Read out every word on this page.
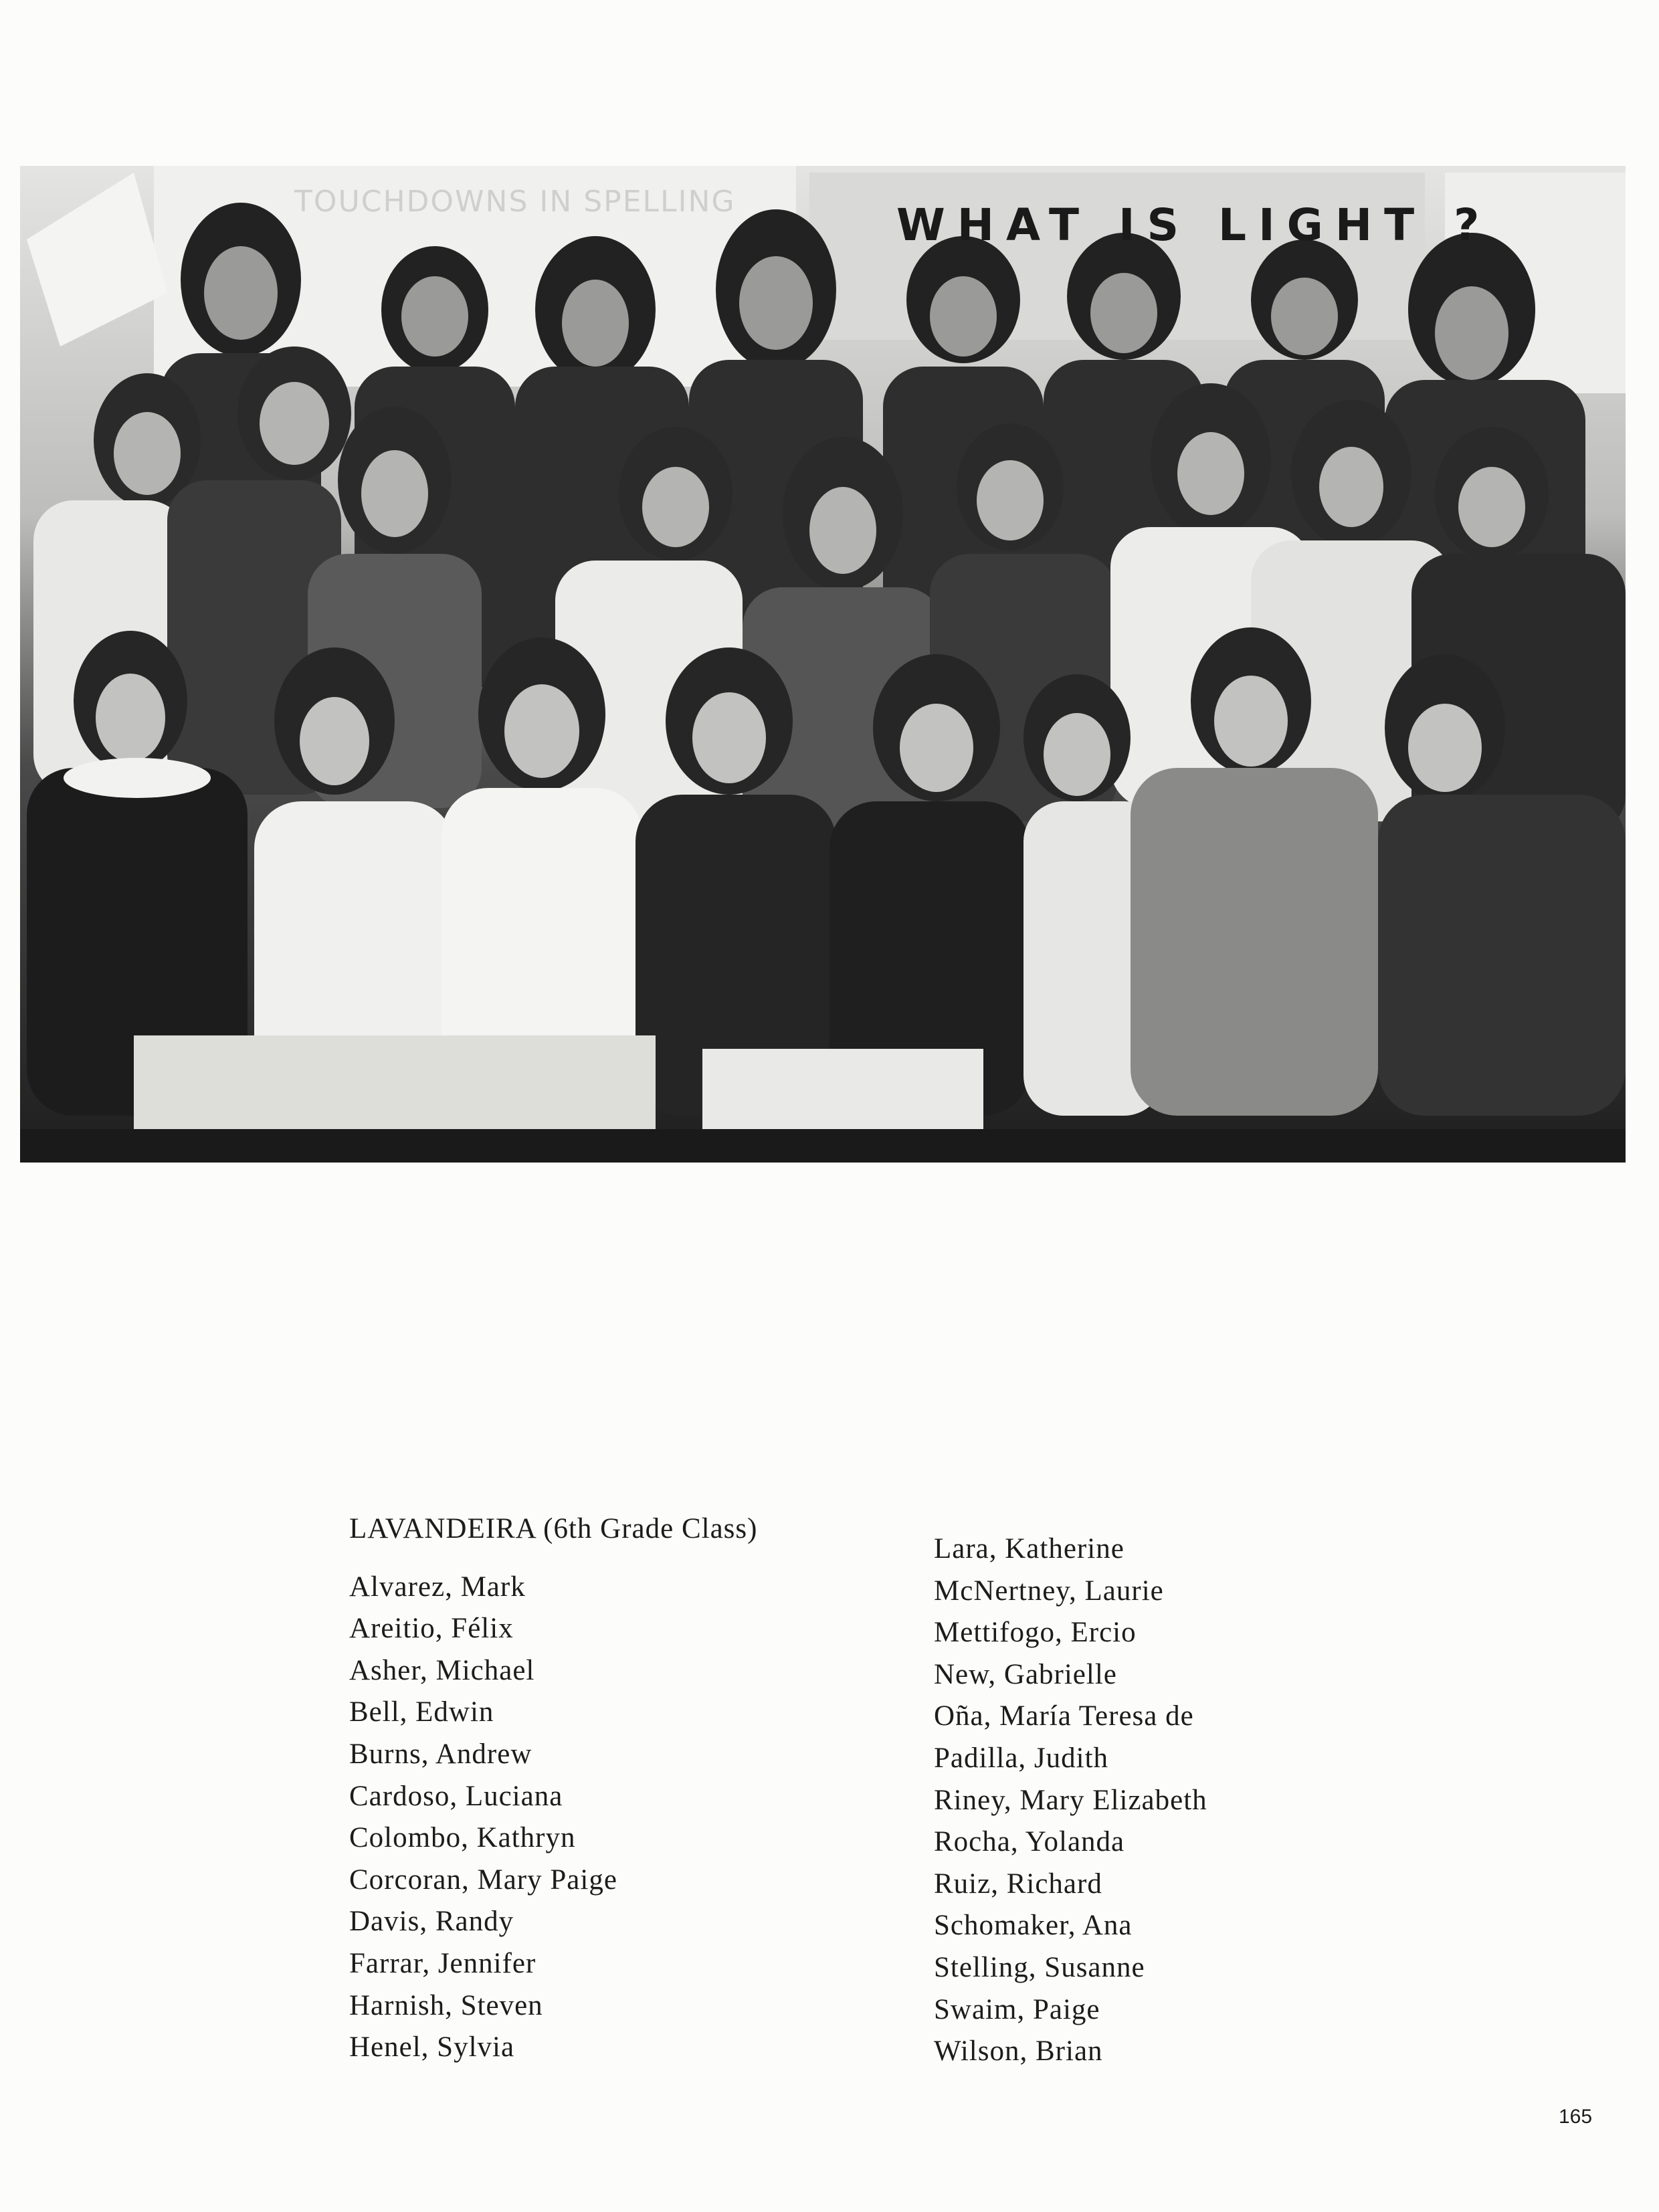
TOUCHDOWNS IN SPELLING	WHAT IS LIGHT ?
LAVANDEIRA (6th Grade Class)
Alvarez, Mark
Areitio, Félix
Asher, Michael
Bell, Edwin
Burns, Andrew
Cardoso, Luciana
Colombo, Kathryn
Corcoran, Mary Paige
Davis, Randy
Farrar, Jennifer
Harnish, Steven
Henel, Sylvia
Lara, Katherine
McNertney, Laurie
Mettifogo, Ercio
New, Gabrielle
Oña, María Teresa de
Padilla, Judith
Riney, Mary Elizabeth
Rocha, Yolanda
Ruiz, Richard
Schomaker, Ana
Stelling, Susanne
Swaim, Paige
Wilson, Brian
165
